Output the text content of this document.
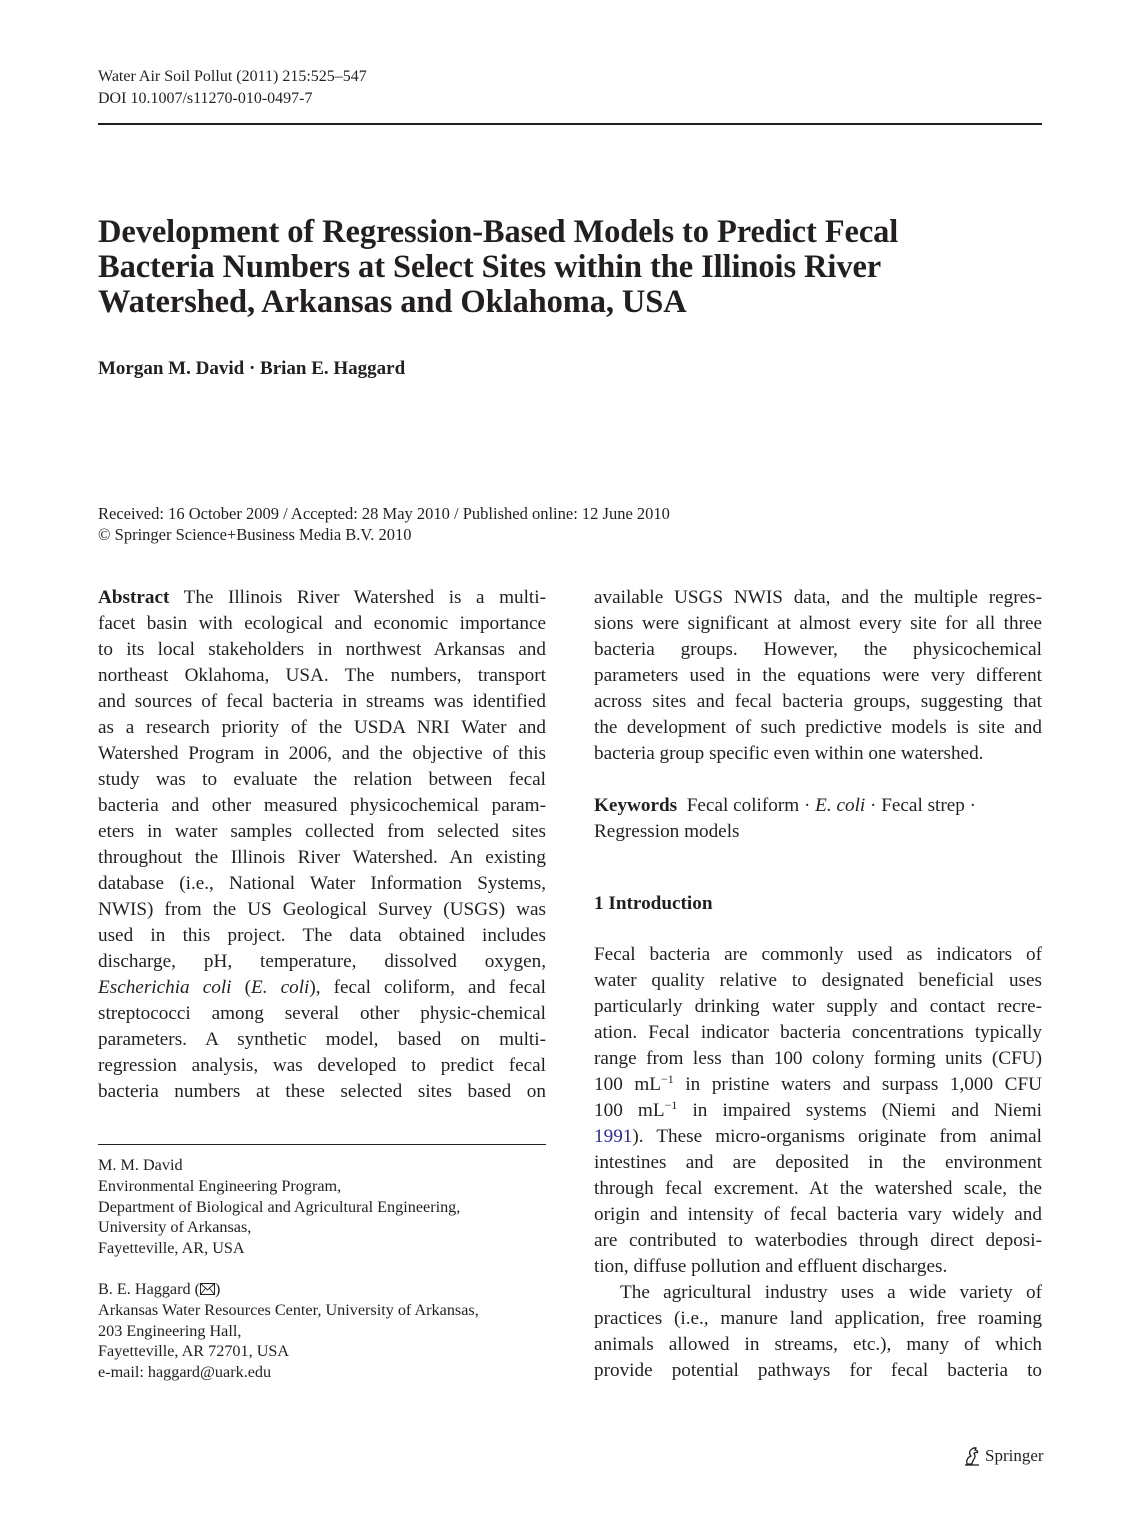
Water Air Soil Pollut (2011) 215:525–547
DOI 10.1007/s11270-010-0497-7
Development of Regression-Based Models to Predict Fecal
Bacteria Numbers at Select Sites within the Illinois River
Watershed, Arkansas and Oklahoma, USA
Morgan M. David · Brian E. Haggard
Received: 16 October 2009 / Accepted: 28 May 2010 / Published online: 12 June 2010
© Springer Science+Business Media B.V. 2010
Abstract The Illinois River Watershed is a multi-
facet basin with ecological and economic importance
to its local stakeholders in northwest Arkansas and
northeast Oklahoma, USA. The numbers, transport
and sources of fecal bacteria in streams was identified
as a research priority of the USDA NRI Water and
Watershed Program in 2006, and the objective of this
study was to evaluate the relation between fecal
bacteria and other measured physicochemical param-
eters in water samples collected from selected sites
throughout the Illinois River Watershed. An existing
database (i.e., National Water Information Systems,
NWIS) from the US Geological Survey (USGS) was
used in this project. The data obtained includes
discharge, pH, temperature, dissolved oxygen,
Escherichia coli (E. coli), fecal coliform, and fecal
streptococci among several other physic-chemical
parameters. A synthetic model, based on multi-
regression analysis, was developed to predict fecal
bacteria numbers at these selected sites based on
M. M. David
Environmental Engineering Program,
Department of Biological and Agricultural Engineering,
University of Arkansas,
Fayetteville, AR, USA
B. E. Haggard ( )
Arkansas Water Resources Center, University of Arkansas,
203 Engineering Hall,
Fayetteville, AR 72701, USA
e-mail: haggard@uark.edu
available USGS NWIS data, and the multiple regres-
sions were significant at almost every site for all three
bacteria groups. However, the physicochemical
parameters used in the equations were very different
across sites and fecal bacteria groups, suggesting that
the development of such predictive models is site and
bacteria group specific even within one watershed.
Keywords Fecal coliform · E. coli · Fecal strep ·
Regression models
1 Introduction
Fecal bacteria are commonly used as indicators of
water quality relative to designated beneficial uses
particularly drinking water supply and contact recre-
ation. Fecal indicator bacteria concentrations typically
range from less than 100 colony forming units (CFU)
100 $mL^{-1}$ in pristine waters and surpass 1,000 CFU
100 $mL^{-1}$ in impaired systems (Niemi and Niemi
1991). These micro-organisms originate from animal
intestines and are deposited in the environment
through fecal excrement. At the watershed scale, the
origin and intensity of fecal bacteria vary widely and
are contributed to waterbodies through direct deposi-
tion, diffuse pollution and effluent discharges.
The agricultural industry uses a wide variety of
practices (i.e., manure land application, free roaming
animals allowed in streams, etc.), many of which
provide potential pathways for fecal bacteria to
Springer
